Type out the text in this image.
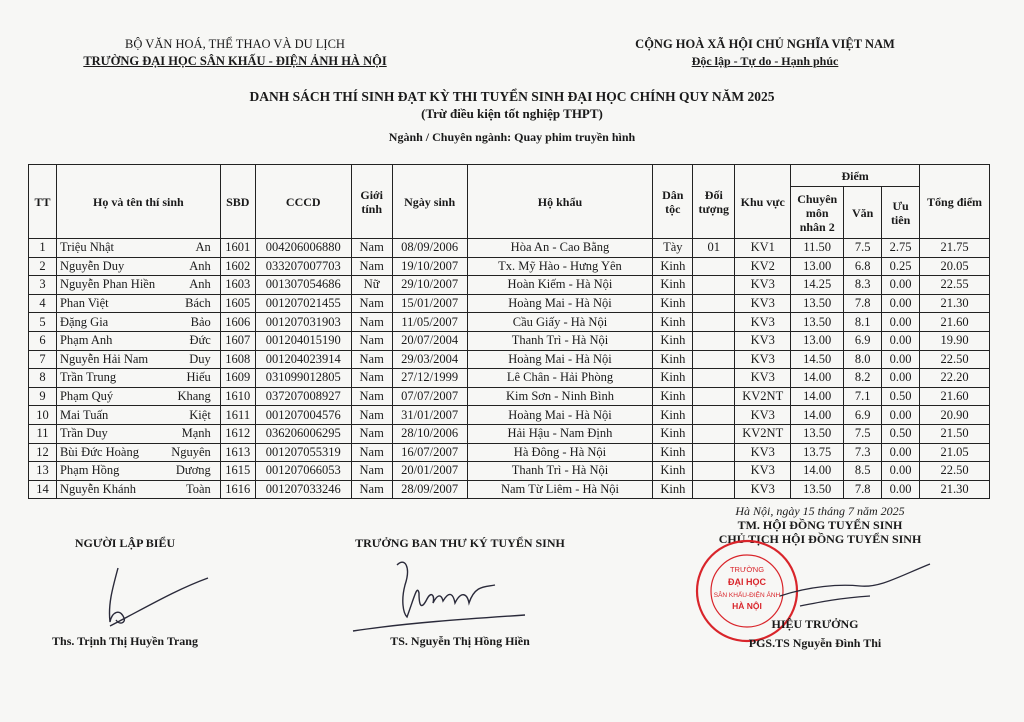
BỘ VĂN HOÁ, THỂ THAO VÀ DU LỊCH
TRƯỜNG ĐẠI HỌC SÂN KHẤU - ĐIỆN ẢNH HÀ NỘI
CỘNG HOÀ XÃ HỘI CHỦ NGHĨA VIỆT NAM
Độc lập - Tự do - Hạnh phúc
DANH SÁCH THÍ SINH ĐẠT KỲ THI TUYỂN SINH ĐẠI HỌC CHÍNH QUY NĂM 2025
(Trừ điều kiện tốt nghiệp THPT)
Ngành / Chuyên ngành: Quay phim truyền hình
TT	Họ và tên thí sinh	SBD	CCCD	Giới tính	Ngày sinh	Hộ khẩu	Dân tộc	Đối tượng	Khu vực	Điểm			Tổng điểm
										Chuyên môn nhân 2	Văn	Ưu tiên	
1	Triệu Nhật An	1601	004206006880	Nam	08/09/2006	Hòa An - Cao Bằng	Tày	01	KV1	11.50	7.5	2.75	21.75
2	Nguyễn Duy Anh	1602	033207007703	Nam	19/10/2007	Tx. Mỹ Hào - Hưng Yên	Kinh		KV2	13.00	6.8	0.25	20.05
3	Nguyễn Phan Hiền Anh	1603	001307054686	Nữ	29/10/2007	Hoàn Kiếm - Hà Nội	Kinh		KV3	14.25	8.3	0.00	22.55
4	Phan Việt Bách	1605	001207021455	Nam	15/01/2007	Hoàng Mai - Hà Nội	Kinh		KV3	13.50	7.8	0.00	21.30
5	Đặng Gia Bảo	1606	001207031903	Nam	11/05/2007	Cầu Giấy - Hà Nội	Kinh		KV3	13.50	8.1	0.00	21.60
6	Phạm Anh Đức	1607	001204015190	Nam	20/07/2004	Thanh Trì - Hà Nội	Kinh		KV3	13.00	6.9	0.00	19.90
7	Nguyễn Hải Nam Duy	1608	001204023914	Nam	29/03/2004	Hoàng Mai - Hà Nội	Kinh		KV3	14.50	8.0	0.00	22.50
8	Trần Trung Hiếu	1609	031099012805	Nam	27/12/1999	Lê Chân - Hải Phòng	Kinh		KV3	14.00	8.2	0.00	22.20
9	Phạm Quý Khang	1610	037207008927	Nam	07/07/2007	Kim Sơn - Ninh Bình	Kinh		KV2NT	14.00	7.1	0.50	21.60
10	Mai Tuấn Kiệt	1611	001207004576	Nam	31/01/2007	Hoàng Mai - Hà Nội	Kinh		KV3	14.00	6.9	0.00	20.90
11	Trần Duy Mạnh	1612	036206006295	Nam	28/10/2006	Hải Hậu - Nam Định	Kinh		KV2NT	13.50	7.5	0.50	21.50
12	Bùi Đức Hoàng Nguyên	1613	001207055319	Nam	16/07/2007	Hà Đông - Hà Nội	Kinh		KV3	13.75	7.3	0.00	21.05
13	Phạm Hồng Dương	1615	001207066053	Nam	20/01/2007	Thanh Trì - Hà Nội	Kinh		KV3	14.00	8.5	0.00	22.50
14	Nguyễn Khánh Toàn	1616	001207033246	Nam	28/09/2007	Nam Từ Liêm - Hà Nội	Kinh		KV3	13.50	7.8	0.00	21.30
Hà Nội, ngày 15 tháng 7 năm 2025
NGƯỜI LẬP BIỂU	TRƯỞNG BAN THƯ KÝ TUYỂN SINH
TM. HỘI ĐỒNG TUYỂN SINH
CHỦ TỊCH HỘI ĐỒNG TUYỂN SINH
TRƯỜNG
ĐẠI HỌC
SÂN KHẤU-ĐIỆN ẢNH
HÀ NỘI
Ths. Trịnh Thị Huyền Trang	TS. Nguyễn Thị Hồng Hiền
HIỆU TRƯỞNG
PGS.TS Nguyễn Đình Thi
